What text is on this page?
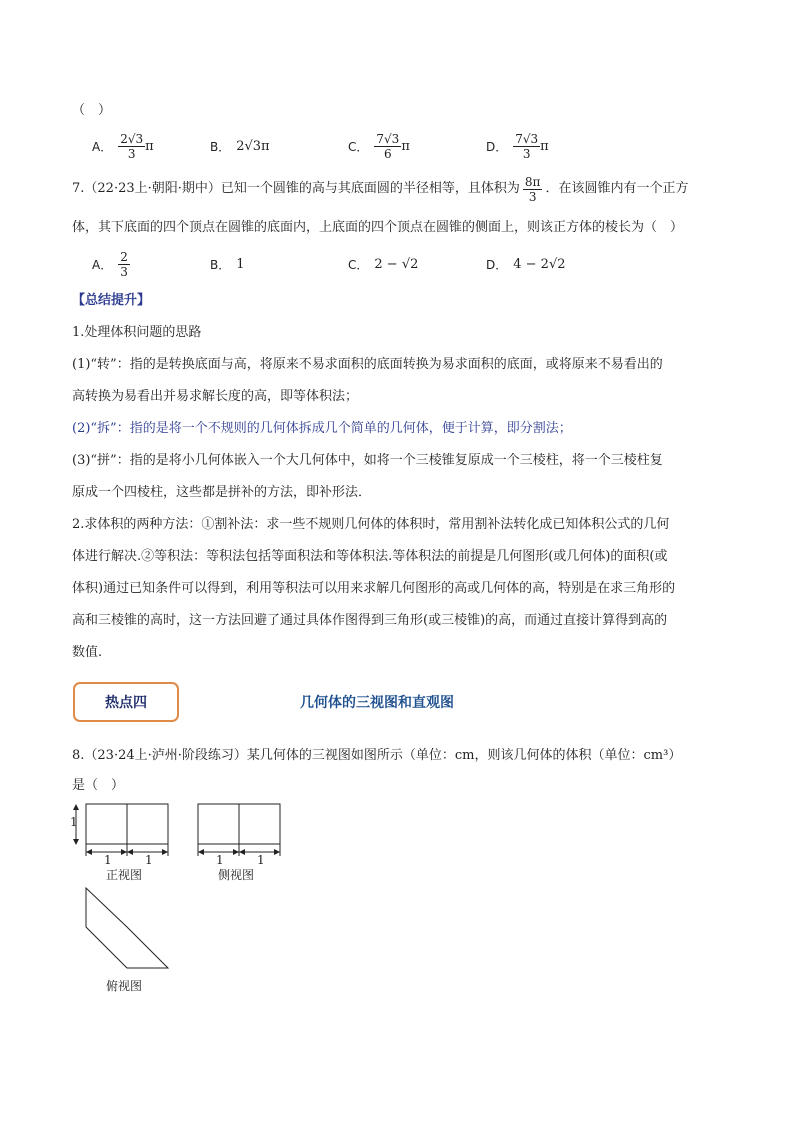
（　）
A． $\frac{2√3}{3}$ π	B． 2√3π	C． $\frac{7√3}{6}$ π	D． $\frac{7√3}{3}$ π
7. （22·23上·朝阳·期中） 已知一个圆锥的高与其底面圆的半径相等，且体积为 $\frac{8\pi}{3}$ ．在该圆锥内有一个正方
体，其下底面的四个顶点在圆锥的底面内，上底面的四个顶点在圆锥的侧面上，则该正方体的棱长为（　）
A． $\frac{2}{3}$	B． 1	C． 2 − √2	D． 4 − 2√2
【总结提升】
1.处理体积问题的思路
(1)“转”：指的是转换底面与高，将原来不易求面积的底面转换为易求面积的底面，或将原来不易看出的
高转换为易看出并易求解长度的高，即等体积法；
(2)“拆”：指的是将一个不规则的几何体拆成几个简单的几何体，便于计算，即分割法；
(3)“拼”：指的是将小几何体嵌入一个大几何体中，如将一个三棱锥复原成一个三棱柱，将一个三棱柱复
原成一个四棱柱，这些都是拼补的方法，即补形法．
2.求体积的两种方法：①割补法：求一些不规则几何体的体积时，常用割补法转化成已知体积公式的几何
体进行解决.②等积法：等积法包括等面积法和等体积法.等体积法的前提是几何图形(或几何体)的面积(或
体积)通过已知条件可以得到，利用等积法可以用来求解几何图形的高或几何体的高，特别是在求三角形的
高和三棱锥的高时，这一方法回避了通过具体作图得到三角形(或三棱锥)的高，而通过直接计算得到高的
数值.
热点四	几何体的三视图和直观图
8.（23·24上·泸州·阶段练习）某几何体的三视图如图所示（单位：cm，则该几何体的体积（单位：cm³）
是（　）
1
1	1
正视图
1	1
侧视图
俯视图
